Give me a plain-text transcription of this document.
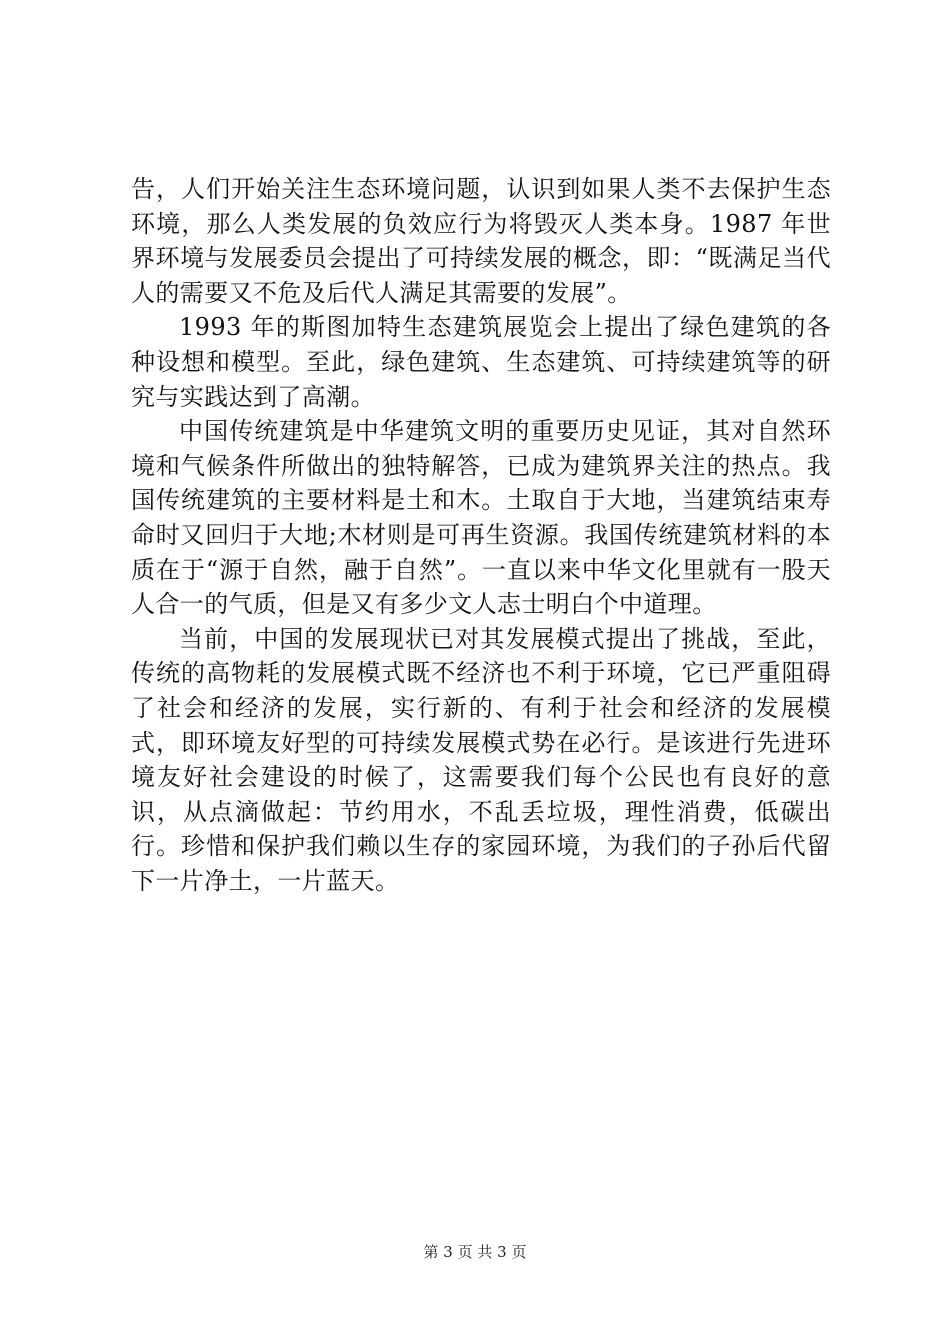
告，人们开始关注生态环境问题，认识到如果人类不去保护生态环境，那么人类发展的负效应行为将毁灭人类本身。1987 年世界环境与发展委员会提出了可持续发展的概念，即：“既满足当代人的需要又不危及后代人满足其需要的发展”。

1993 年的斯图加特生态建筑展览会上提出了绿色建筑的各种设想和模型。至此，绿色建筑、生态建筑、可持续建筑等的研究与实践达到了高潮。

中国传统建筑是中华建筑文明的重要历史见证，其对自然环境和气候条件所做出的独特解答，已成为建筑界关注的热点。我国传统建筑的主要材料是土和木。土取自于大地，当建筑结束寿命时又回归于大地;木材则是可再生资源。我国传统建筑材料的本质在于“源于自然，融于自然”。一直以来中华文化里就有一股天人合一的气质，但是又有多少文人志士明白个中道理。

当前，中国的发展现状已对其发展模式提出了挑战，至此，传统的高物耗的发展模式既不经济也不利于环境，它已严重阻碍了社会和经济的发展，实行新的、有利于社会和经济的发展模式，即环境友好型的可持续发展模式势在必行。是该进行先进环境友好社会建设的时候了，这需要我们每个公民也有良好的意识，从点滴做起：节约用水，不乱丢垃圾，理性消费，低碳出行。珍惜和保护我们赖以生存的家园环境，为我们的子孙后代留下一片净土，一片蓝天。

第 3 页 共 3 页
